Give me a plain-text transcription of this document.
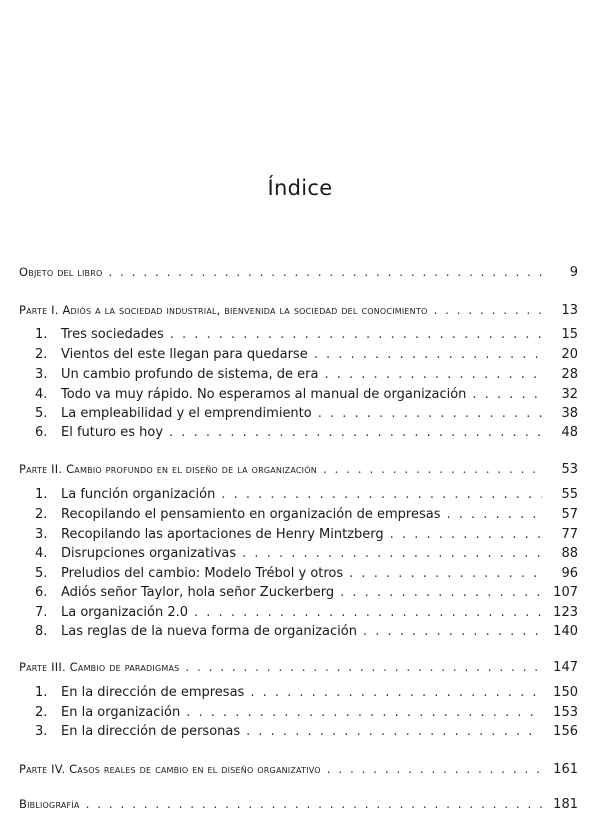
Índice
Objeto del libro . . .	9
Parte I. Adiós a la sociedad industrial, bienvenida la sociedad del conocimiento . . .	13
1.	Tres sociedades . . .	15
2.	Vientos del este llegan para quedarse . . .	20
3.	Un cambio profundo de sistema, de era . . .	28
4.	Todo va muy rápido. No esperamos al manual de organización . . .	32
5.	La empleabilidad y el emprendimiento . . .	38
6.	El futuro es hoy . . .	48
Parte II. Cambio profundo en el diseño de la organización . . .	53
1.	La función organización . . .	55
2.	Recopilando el pensamiento en organización de empresas . . .	57
3.	Recopilando las aportaciones de Henry Mintzberg . . .	77
4.	Disrupciones organizativas . . .	88
5.	Preludios del cambio: Modelo Trébol y otros . . .	96
6.	Adiós señor Taylor, hola señor Zuckerberg . . .	107
7.	La organización 2.0 . . .	123
8.	Las reglas de la nueva forma de organización . . .	140
Parte III. Cambio de paradigmas . . .	147
1.	En la dirección de empresas . . .	150
2.	En la organización . . .	153
3.	En la dirección de personas . . .	156
Parte IV. Casos reales de cambio en el diseño organizativo . . .	161
Bibliografía . . .	181
